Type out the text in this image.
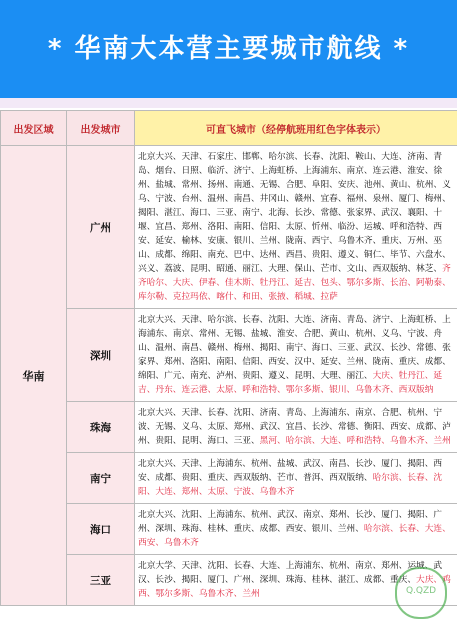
* 华南大本营主要城市航线 *
出发区域	出发城市	可直飞城市（经停航班用红色字体表示）
华南	广州	北京大兴、天津、石家庄、邯郸、哈尔滨、长春、沈阳、鞍山、大连、济南、青岛、烟台、日照、临沂、济宁、上海虹桥、上海浦东、南京、连云港、淮安、徐州、盐城、常州、扬州、南通、无锡、合肥、阜阳、安庆、池州、黄山、杭州、义乌、宁波、台州、温州、南昌、井冈山、赣州、宜春、福州、泉州、厦门、梅州、揭阳、湛江、海口、三亚、南宁、北海、长沙、常德、张家界、武汉、襄阳、十堰、宜昌、郑州、洛阳、南阳、信阳、太原、忻州、临汾、运城、呼和浩特、西安、延安、榆林、安康、银川、兰州、陇南、西宁、乌鲁木齐、重庆、万州、巫山、成都、绵阳、南充、巴中、达州、西昌、贵阳、遵义、铜仁、毕节、六盘水、兴义、荔波、昆明、昭通、丽江、大理、保山、芒市、文山、西双版纳、林芝、齐齐哈尔、大庆、伊春、佳木斯、牡丹江、延吉、包头、鄂尔多斯、长治、阿勒泰、库尔勒、克拉玛依、喀什、和田、张掖、稻城、拉萨
	深圳	北京大兴、天津、哈尔滨、长春、沈阳、大连、济南、青岛、济宁、上海虹桥、上海浦东、南京、常州、无锡、盐城、淮安、合肥、黄山、杭州、义乌、宁波、舟山、温州、南昌、赣州、梅州、揭阳、南宁、海口、三亚、武汉、长沙、常德、张家界、郑州、洛阳、南阳、信阳、西安、汉中、延安、兰州、陇南、重庆、成都、绵阳、广元、南充、泸州、贵阳、遵义、昆明、大理、丽江、大庆、牡丹江、延吉、丹东、连云港、太原、呼和浩特、鄂尔多斯、银川、乌鲁木齐、西双版纳
	珠海	北京大兴、天津、长春、沈阳、济南、青岛、上海浦东、南京、合肥、杭州、宁波、无锡、义乌、太原、郑州、武汉、宜昌、长沙、常德、衡阳、西安、成都、泸州、贵阳、昆明、海口、三亚、黑河、哈尔滨、大连、呼和浩特、乌鲁木齐、兰州
	南宁	北京大兴、天津、上海浦东、杭州、盐城、武汉、南昌、长沙、厦门、揭阳、西安、成都、贵阳、重庆、西双版纳、芒市、普洱、西双版纳、哈尔滨、长春、沈阳、大连、郑州、太原、宁波、乌鲁木齐
	海口	北京大兴、沈阳、上海浦东、杭州、武汉、南京、郑州、长沙、厦门、揭阳、广州、深圳、珠海、桂林、重庆、成都、西安、银川、兰州、哈尔滨、长春、大连、西安、乌鲁木齐
	三亚	北京大学、天津、沈阳、长春、大连、上海浦东、杭州、南京、郑州、运城、武汉、长沙、揭阳、厦门、广州、深圳、珠海、桂林、湛江、成都、重庆、大庆、鸡西、鄂尔多斯、乌鲁木齐、兰州	Q.QZD
